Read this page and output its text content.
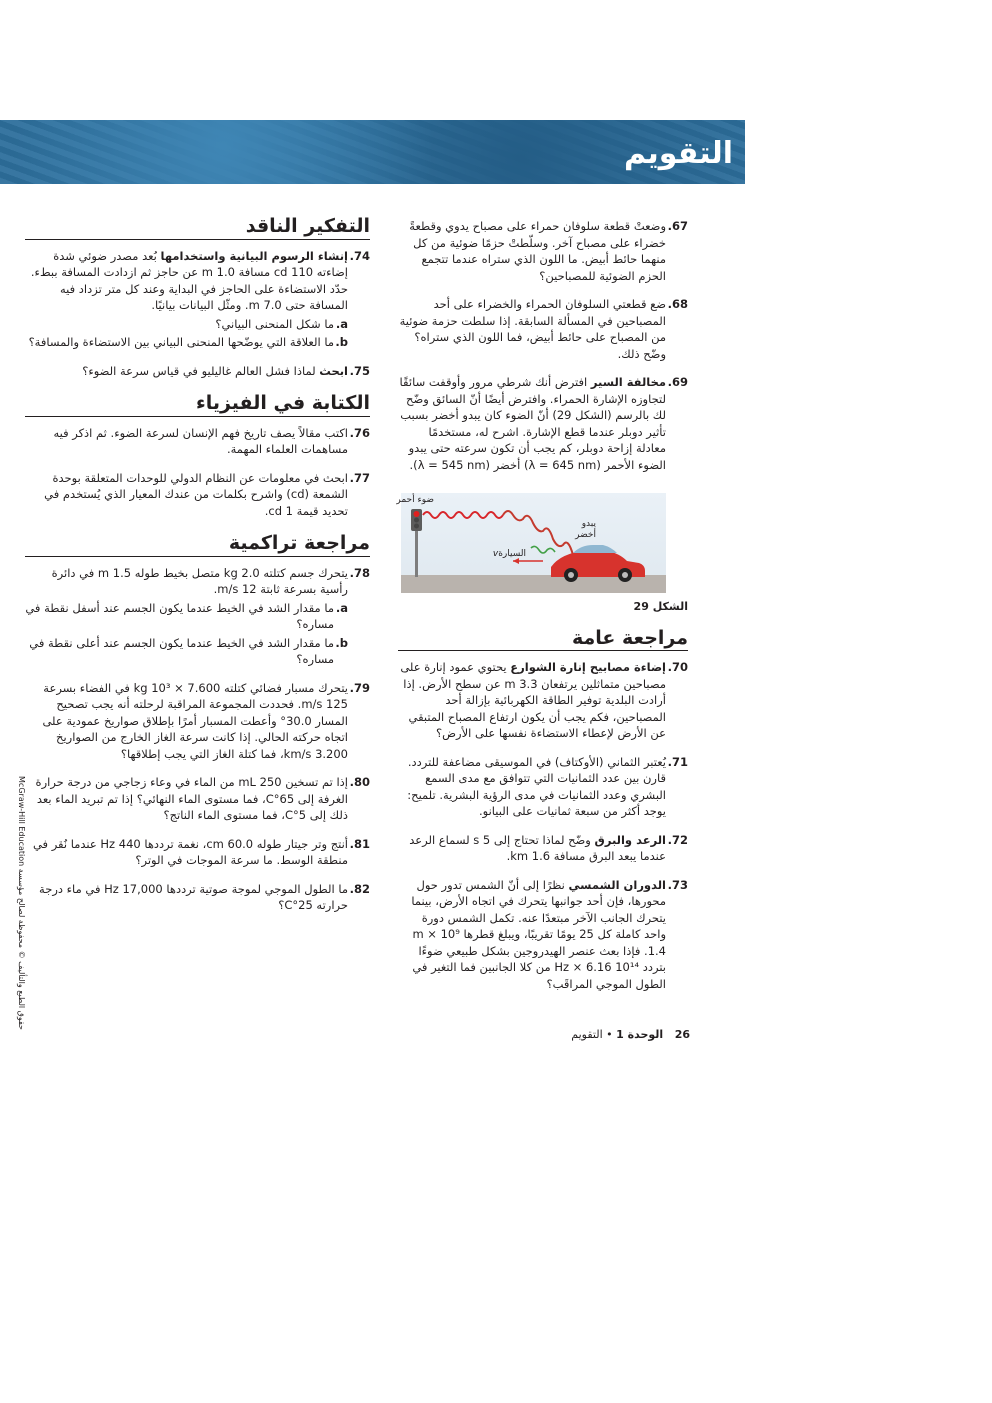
التقويم
67.
وضعتْ قطعة سلوفان حمراء على مصباح يدوي وقطعةً خضراء على مصباح آخر. وسلّطتْ حزمًا ضوئية من كل منهما حائط أبيض. ما اللون الذي ستراه عندما تتجمع الحزم الضوئية للمصباحين؟
68.
ضع قطعتي السلوفان الحمراء والخضراء على أحد المصباحين في المسألة السابقة. إذا سلطت حزمة ضوئية من المصباح على حائط أبيض، فما اللون الذي ستراه؟ وضّح ذلك.
69.
مخالفة السير افترض أنك شرطي مرور وأوقفت سائقًا لتجاوزه الإشارة الحمراء. وافترض أيضًا أنّ السائق وضّح لك بالرسم (الشكل 29) أنّ الضوء كان يبدو أخضر بسبب تأثير دوبلر عندما قطع الإشارة. اشرح له، مستخدمًا معادلة إزاحة دوبلر، كم يجب أن تكون سرعته حتى يبدو الضوء الأحمر (λ = 645 nm) أخضر (λ = 545 nm).
ضوء أحمر
يبدو
أخضر
السيارةv
الشكل 29
مراجعة عامة
70.
إضاءة مصابيح إنارة الشوارع يحتوي عمود إنارة على مصباحين متماثلين يرتفعان 3.3 m عن سطح الأرض. إذا أرادت البلدية توفير الطاقة الكهربائية بإزالة أحد المصباحين، فكم يجب أن يكون ارتفاع المصباح المتبقي عن الأرض لإعطاء الاستضاءة نفسها على الأرض؟
71.
يُعتبر الثماني (الأوكتاف) في الموسيقى مضاعفة للتردد. قارن بين عدد الثمانيات التي تتوافق مع مدى السمع البشري وعدد الثمانيات في مدى الرؤية البشرية. تلميح: يوجد أكثر من سبعة ثمانيات على البيانو.
72.
الرعد والبرق وضّح لماذا تحتاج إلى 5 s لسماع الرعد عندما يبعد البرق مسافة 1.6 km.
73.
الدوران الشمسي نظرًا إلى أنّ الشمس تدور حول محورها، فإن أحد جوانبها يتحرك في اتجاه الأرض، بينما يتحرك الجانب الآخر مبتعدًا عنه. تكمل الشمس دورة واحد كاملة كل 25 يومًا تقريبًا، ويبلغ قطرها 10⁹ m × 1.4. فإذا بعث عنصر الهيدروجين بشكل طبيعي ضوءًا بتردد 10¹⁴ Hz × 6.16 من كلا الجانبين فما التغير في الطول الموجي المراقَب؟
التفكير الناقد
74.
إنشاء الرسوم البيانية واستخدامها بُعد مصدر ضوئي شدة إضاءته 110 cd مسافة 1.0 m عن حاجز ثم ازدادت المسافة ببطء. حدّد الاستضاءة على الحاجز في البداية وعند كل متر تزداد فيه المسافة حتى 7.0 m. ومثّل البيانات بيانيًا.
a.
ما شكل المنحنى البياني؟
b.
ما العلاقة التي يوضّحها المنحنى البياني بين الاستضاءة والمسافة؟
75.
ابحث لماذا فشل العالم غاليليو في قياس سرعة الضوء؟
الكتابة في الفيزياء
76.
اكتب مقالاً يصف تاريخ فهم الإنسان لسرعة الضوء. ثم اذكر فيه مساهمات العلماء المهمة.
77.
ابحث في معلومات عن النظام الدولي للوحدات المتعلقة بوحدة الشمعة (cd) واشرح بكلمات من عندك المعيار الذي يُستخدم في تحديد قيمة 1 cd.
مراجعة تراكمية
78.
يتحرك جسم كتلته 2.0 kg متصل بخيط طوله 1.5 m في دائرة رأسية بسرعة ثابتة 12 m/s.
a.
ما مقدار الشد في الخيط عندما يكون الجسم عند أسفل نقطة في مساره؟
b.
ما مقدار الشد في الخيط عندما يكون الجسم عند أعلى نقطة في مساره؟
79.
يتحرك مسبار فضائي كتلته 7.600 × 10³ kg في الفضاء بسرعة 125 m/s. فحددت المجموعة المراقبة لرحلته أنه يجب تصحيح المسار 30.0° وأعطت المسبار أمرًا بإطلاق صواريخ عمودية على اتجاه حركته الحالي. إذا كانت سرعة الغاز الخارج من الصواريخ 3.200 km/s، فما كتلة الغاز التي يجب إطلاقها؟
80.
إذا تم تسخين 250 mL من الماء في وعاء زجاجي من درجة حرارة الغرفة إلى 65°C، فما مستوى الماء النهائي؟ إذا تم تبريد الماء بعد ذلك إلى 5°C، فما مستوى الماء الناتج؟
81.
أنتج وتر جيتار طوله 60.0 cm، نغمة ترددها 440 Hz عندما نُقر في منطقة الوسط. ما سرعة الموجات في الوتر؟
82.
ما الطول الموجي لموجة صوتية ترددها 17,000 Hz في ماء درجة حرارته 25°C؟
حقوق الطبع والتأليف © محفوظة لصالح مؤسسة McGraw-Hill Education
26 الوحدة 1 • التقويم
